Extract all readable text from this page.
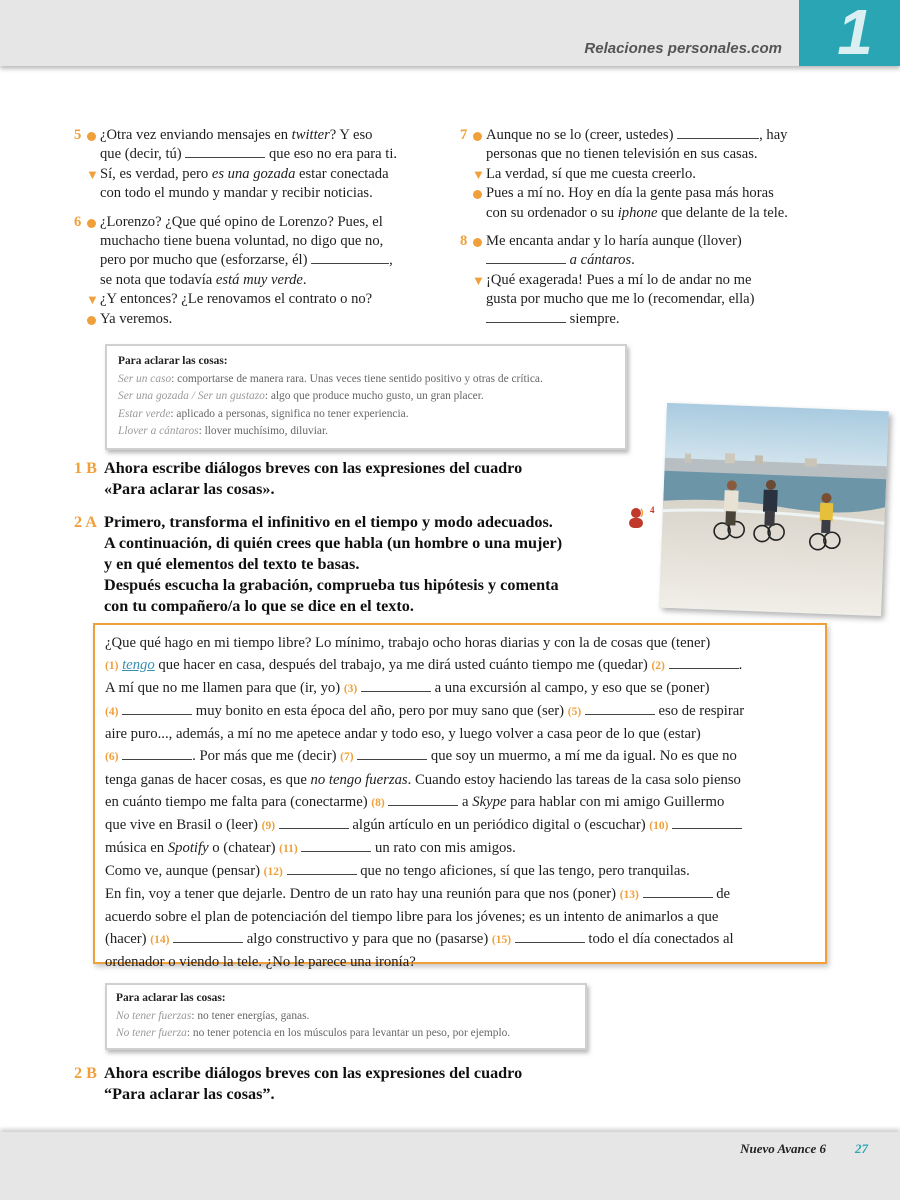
Relaciones personales.com 1
5 ¿Otra vez enviando mensajes en twitter? Y eso
que (decir, tú)	que eso no era para ti.
▼ Sí, es verdad, pero es una gozada estar conectada
con todo el mundo y mandar y recibir noticias.
6 ¿Lorenzo? ¿Que qué opino de Lorenzo? Pues, el
muchacho tiene buena voluntad, no digo que no,
pero por mucho que (esforzarse, él)	,
se nota que todavía está muy verde.
▼ ¿Y entonces? ¿Le renovamos el contrato o no?
Ya veremos.
7 Aunque no se lo (creer, ustedes)	, hay
personas que no tienen televisión en sus casas.
▼ La verdad, sí que me cuesta creerlo.
Pues a mí no. Hoy en día la gente pasa más horas
con su ordenador o su iphone que delante de la tele.
8 Me encanta andar y lo haría aunque (llover)
a cántaros.
▼ ¡Qué exagerada! Pues a mí lo de andar no me
gusta por mucho que me lo (recomendar, ella)
siempre.
Para aclarar las cosas:
Ser un caso: comportarse de manera rara. Unas veces tiene sentido positivo y otras de crítica.
Ser una gozada / Ser un gustazo: algo que produce mucho gusto, un gran placer.
Estar verde: aplicado a personas, significa no tener experiencia.
Llover a cántaros: llover muchísimo, diluviar.
1 B Ahora escribe diálogos breves con las expresiones del cuadro
«Para aclarar las cosas».
2 A Primero, transforma el infinitivo en el tiempo y modo adecuados.
A continuación, di quién crees que habla (un hombre o una mujer)
y en qué elementos del texto te basas.
Después escucha la grabación, comprueba tus hipótesis y comenta
con tu compañero/a lo que se dice en el texto.
4
¿Que qué hago en mi tiempo libre? Lo mínimo, trabajo ocho horas diarias y con la de cosas que (tener)
(1) tengo que hacer en casa, después del trabajo, ya me dirá usted cuánto tiempo me (quedar) (2)	.
A mí que no me llamen para que (ir, yo) (3)	a una excursión al campo, y eso que se (poner)
(4)	muy bonito en esta época del año, pero por muy sano que (ser) (5)	eso de respirar
aire puro..., además, a mí no me apetece andar y todo eso, y luego volver a casa peor de lo que (estar)
(6)	. Por más que me (decir) (7)	que soy un muermo, a mí me da igual. No es que no
tenga ganas de hacer cosas, es que no tengo fuerzas. Cuando estoy haciendo las tareas de la casa solo pienso
en cuánto tiempo me falta para (conectarme) (8)	a Skype para hablar con mi amigo Guillermo
que vive en Brasil o (leer) (9)	algún artículo en un periódico digital o (escuchar) (10)
música en Spotify o (chatear) (11)	un rato con mis amigos.
Como ve, aunque (pensar) (12)	que no tengo aficiones, sí que las tengo, pero tranquilas.
En fin, voy a tener que dejarle. Dentro de un rato hay una reunión para que nos (poner) (13)	de
acuerdo sobre el plan de potenciación del tiempo libre para los jóvenes; es un intento de animarlos a que
(hacer) (14)	algo constructivo y para que no (pasarse) (15)	todo el día conectados al
ordenador o viendo la tele. ¿No le parece una ironía?
Para aclarar las cosas:
No tener fuerzas: no tener energías, ganas.
No tener fuerza: no tener potencia en los músculos para levantar un peso, por ejemplo.
2 B Ahora escribe diálogos breves con las expresiones del cuadro
“Para aclarar las cosas”.
Nuevo Avance 6 27
